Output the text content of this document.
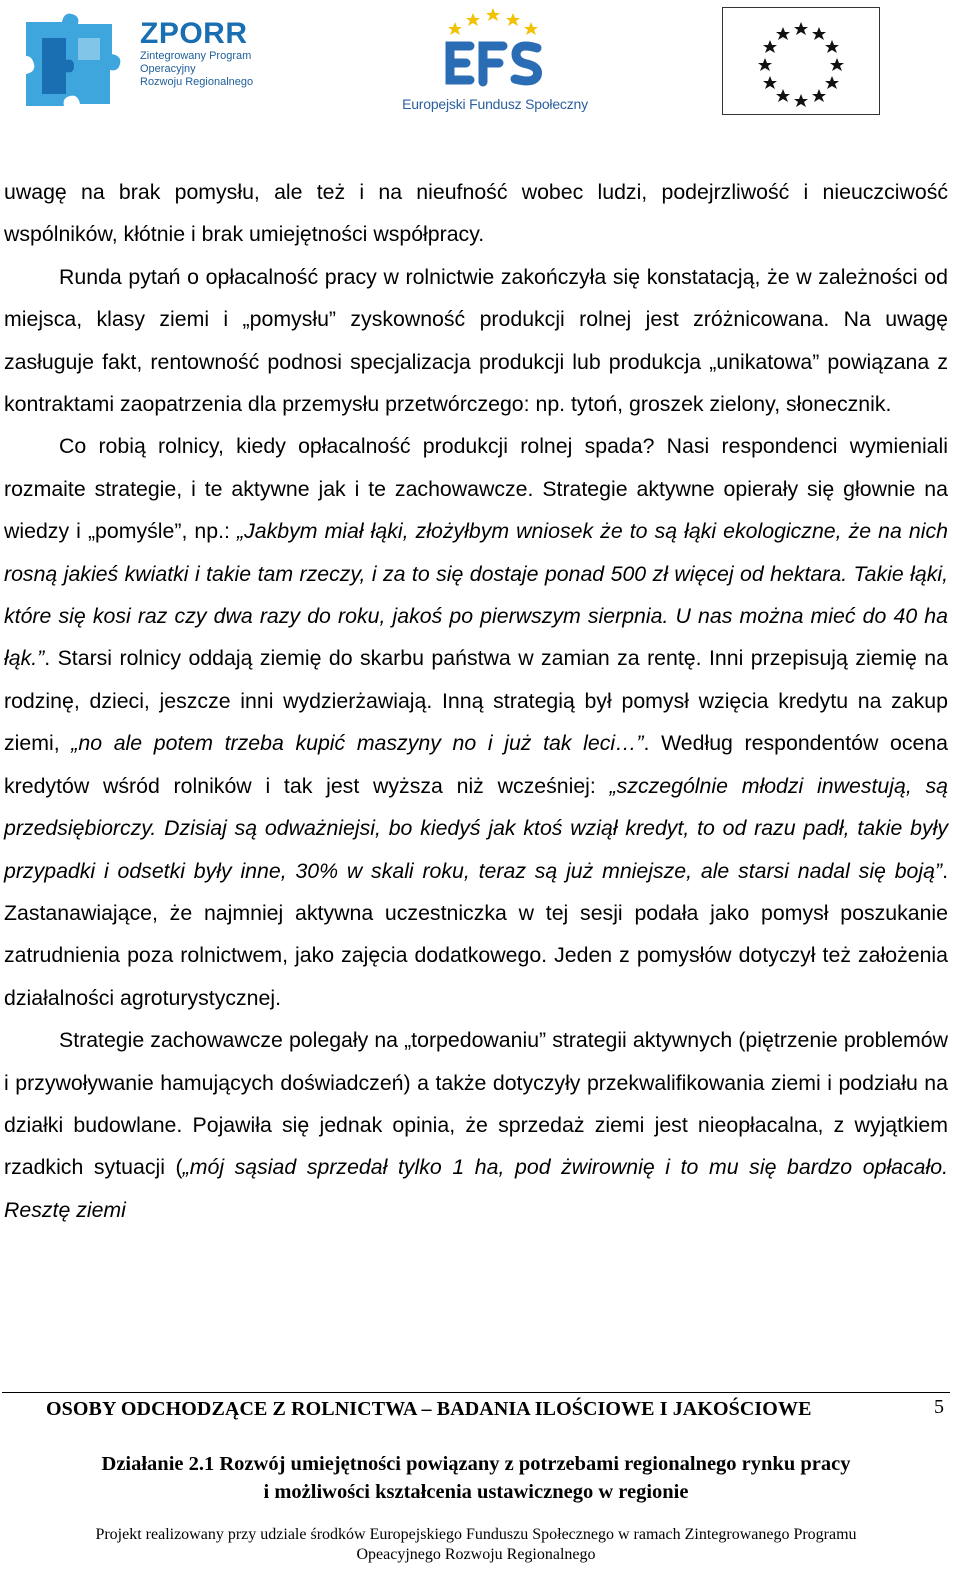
ZPORR
Zintegrowany Program
Operacyjny
Rozwoju Regionalnego
Europejski Fundusz Społeczny

uwagę na brak pomysłu, ale też i na nieufność wobec ludzi, podejrzliwość i nieuczciwość wspólników, kłótnie i brak umiejętności współpracy.

Runda pytań o opłacalność pracy w rolnictwie zakończyła się konstatacją, że w zależności od miejsca, klasy ziemi i „pomysłu” zyskowność produkcji rolnej jest zróżnicowana. Na uwagę zasługuje fakt, rentowność podnosi specjalizacja produkcji lub produkcja „unikatowa” powiązana z kontraktami zaopatrzenia dla przemysłu przetwórczego: np. tytoń, groszek zielony, słonecznik.

Co robią rolnicy, kiedy opłacalność produkcji rolnej spada? Nasi respondenci wymieniali rozmaite strategie, i te aktywne jak i te zachowawcze. Strategie aktywne opierały się głownie na wiedzy i „pomyśle”, np.: „Jakbym miał łąki, złożyłbym wniosek że to są łąki ekologiczne, że na nich rosną jakieś kwiatki i takie tam rzeczy, i za to się dostaje ponad 500 zł więcej od hektara. Takie łąki, które się kosi raz czy dwa razy do roku, jakoś po pierwszym sierpnia. U nas można mieć do 40 ha łąk.”. Starsi rolnicy oddają ziemię do skarbu państwa w zamian za rentę. Inni przepisują ziemię na rodzinę, dzieci, jeszcze inni wydzierżawiają. Inną strategią był pomysł wzięcia kredytu na zakup ziemi, „no ale potem trzeba kupić maszyny no i już tak leci…”. Według respondentów ocena kredytów wśród rolników i tak jest wyższa niż wcześniej: „szczególnie młodzi inwestują, są przedsiębiorczy. Dzisiaj są odważniejsi, bo kiedyś jak ktoś wziął kredyt, to od razu padł, takie były przypadki i odsetki były inne, 30% w skali roku, teraz są już mniejsze, ale starsi nadal się boją”. Zastanawiające, że najmniej aktywna uczestniczka w tej sesji podała jako pomysł poszukanie zatrudnienia poza rolnictwem, jako zajęcia dodatkowego. Jeden z pomysłów dotyczył też założenia działalności agroturystycznej.

Strategie zachowawcze polegały na „torpedowaniu” strategii aktywnych (piętrzenie problemów i przywoływanie hamujących doświadczeń) a także dotyczyły przekwalifikowania ziemi i podziału na działki budowlane. Pojawiła się jednak opinia, że sprzedaż ziemi jest nieopłacalna, z wyjątkiem rzadkich sytuacji („mój sąsiad sprzedał tylko 1 ha, pod żwirownię i to mu się bardzo opłacało. Resztę ziemi

OSOBY ODCHODZĄCE Z ROLNICTWA – BADANIA ILOŚCIOWE I JAKOŚCIOWE	5
Działanie 2.1 Rozwój umiejętności powiązany z potrzebami regionalnego rynku pracy
i możliwości kształcenia ustawicznego w regionie
Projekt realizowany przy udziale środków Europejskiego Funduszu Społecznego w ramach Zintegrowanego Programu
Opeacyjnego Rozwoju Regionalnego
